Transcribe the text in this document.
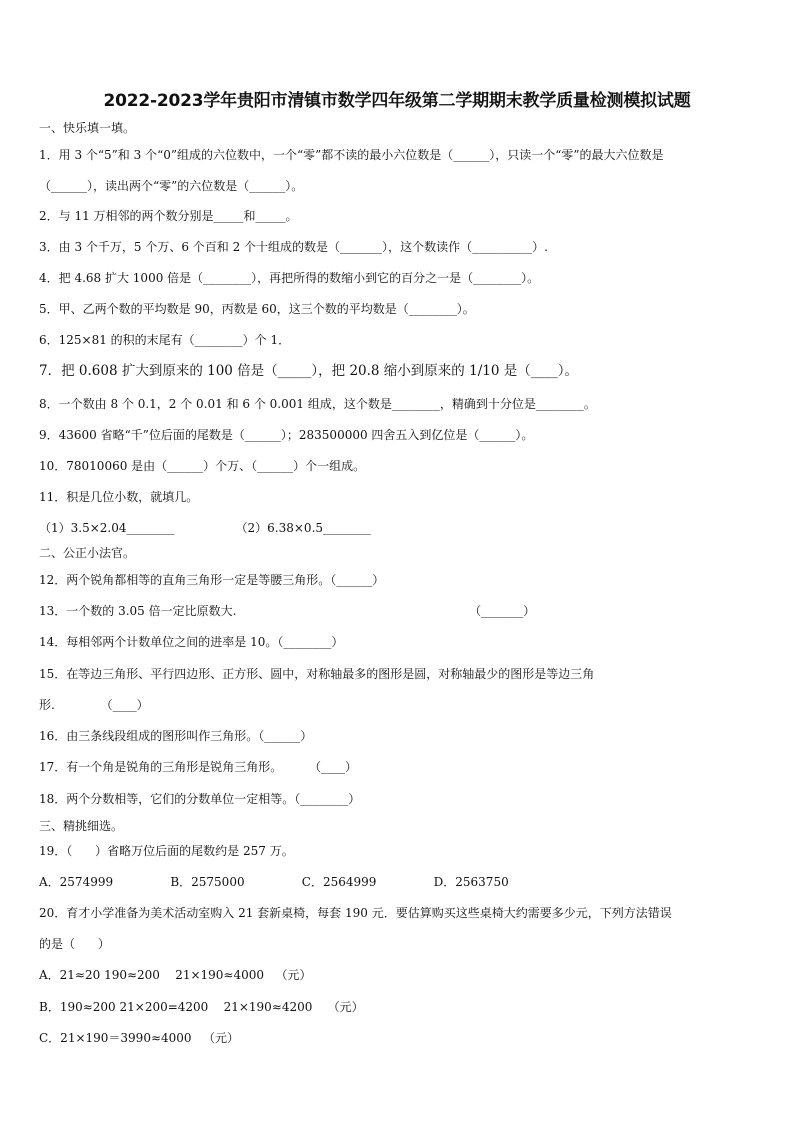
2022-2023学年贵阳市清镇市数学四年级第二学期期末教学质量检测模拟试题
一、快乐填一填。
1．用 3 个“5”和 3 个“0”组成的六位数中，一个“零”都不读的最小六位数是（______），只读一个“零”的最大六位数是
（______），读出两个“零”的六位数是（______）。
2．与 11 万相邻的两个数分别是_____和_____。
3．由 3 个千万，5 个万、6 个百和 2 个十组成的数是（_______），这个数读作（__________）.
4．把 4.68 扩大 1000 倍是（________），再把所得的数缩小到它的百分之一是（________）。
5．甲、乙两个数的平均数是 90，丙数是 60，这三个数的平均数是（________）。
6．125×81 的积的末尾有（________）个 1．
7．把 0.608 扩大到原来的 100 倍是（_____），把 20.8 缩小到原来的 1/10 是（____）。
8．一个数由 8 个 0.1，2 个 0.01 和 6 个 0.001 组成，这个数是________，精确到十分位是________。
9．43600 省略“千”位后面的尾数是（______）；283500000 四舍五入到亿位是（______）。
10．78010060 是由（______）个万、（______）个一组成。
11．积是几位小数，就填几。
（1）3.5×2.04________                （2）6.38×0.5________
二、公正小法官。
12．两个锐角都相等的直角三角形一定是等腰三角形。（______）
13．一个数的 3.05 倍一定比原数大.                                                             （_______）
14．每相邻两个计数单位之间的进率是 10。（________）
15．在等边三角形、平行四边形、正方形、圆中，对称轴最多的图形是圆，对称轴最少的图形是等边三角
形.            （____）
16．由三条线段组成的图形叫作三角形。（______）
17．有一个角是锐角的三角形是锐角三角形。       （____）
18．两个分数相等，它们的分数单位一定相等。（________）
三、精挑细选。
19．（      ）省略万位后面的尾数约是 257 万。
A．2574999               B．2575000               C．2564999               D．2563750
20．育才小学准备为美术活动室购入 21 套新桌椅，每套 190 元．要估算购买这些桌椅大约需要多少元，下列方法错误
的是（      ）
A．21≈20 190≈200    21×190≈4000   （元）
B．190≈200 21×200=4200    21×190≈4200    （元）
C．21×190＝3990≈4000   （元）
